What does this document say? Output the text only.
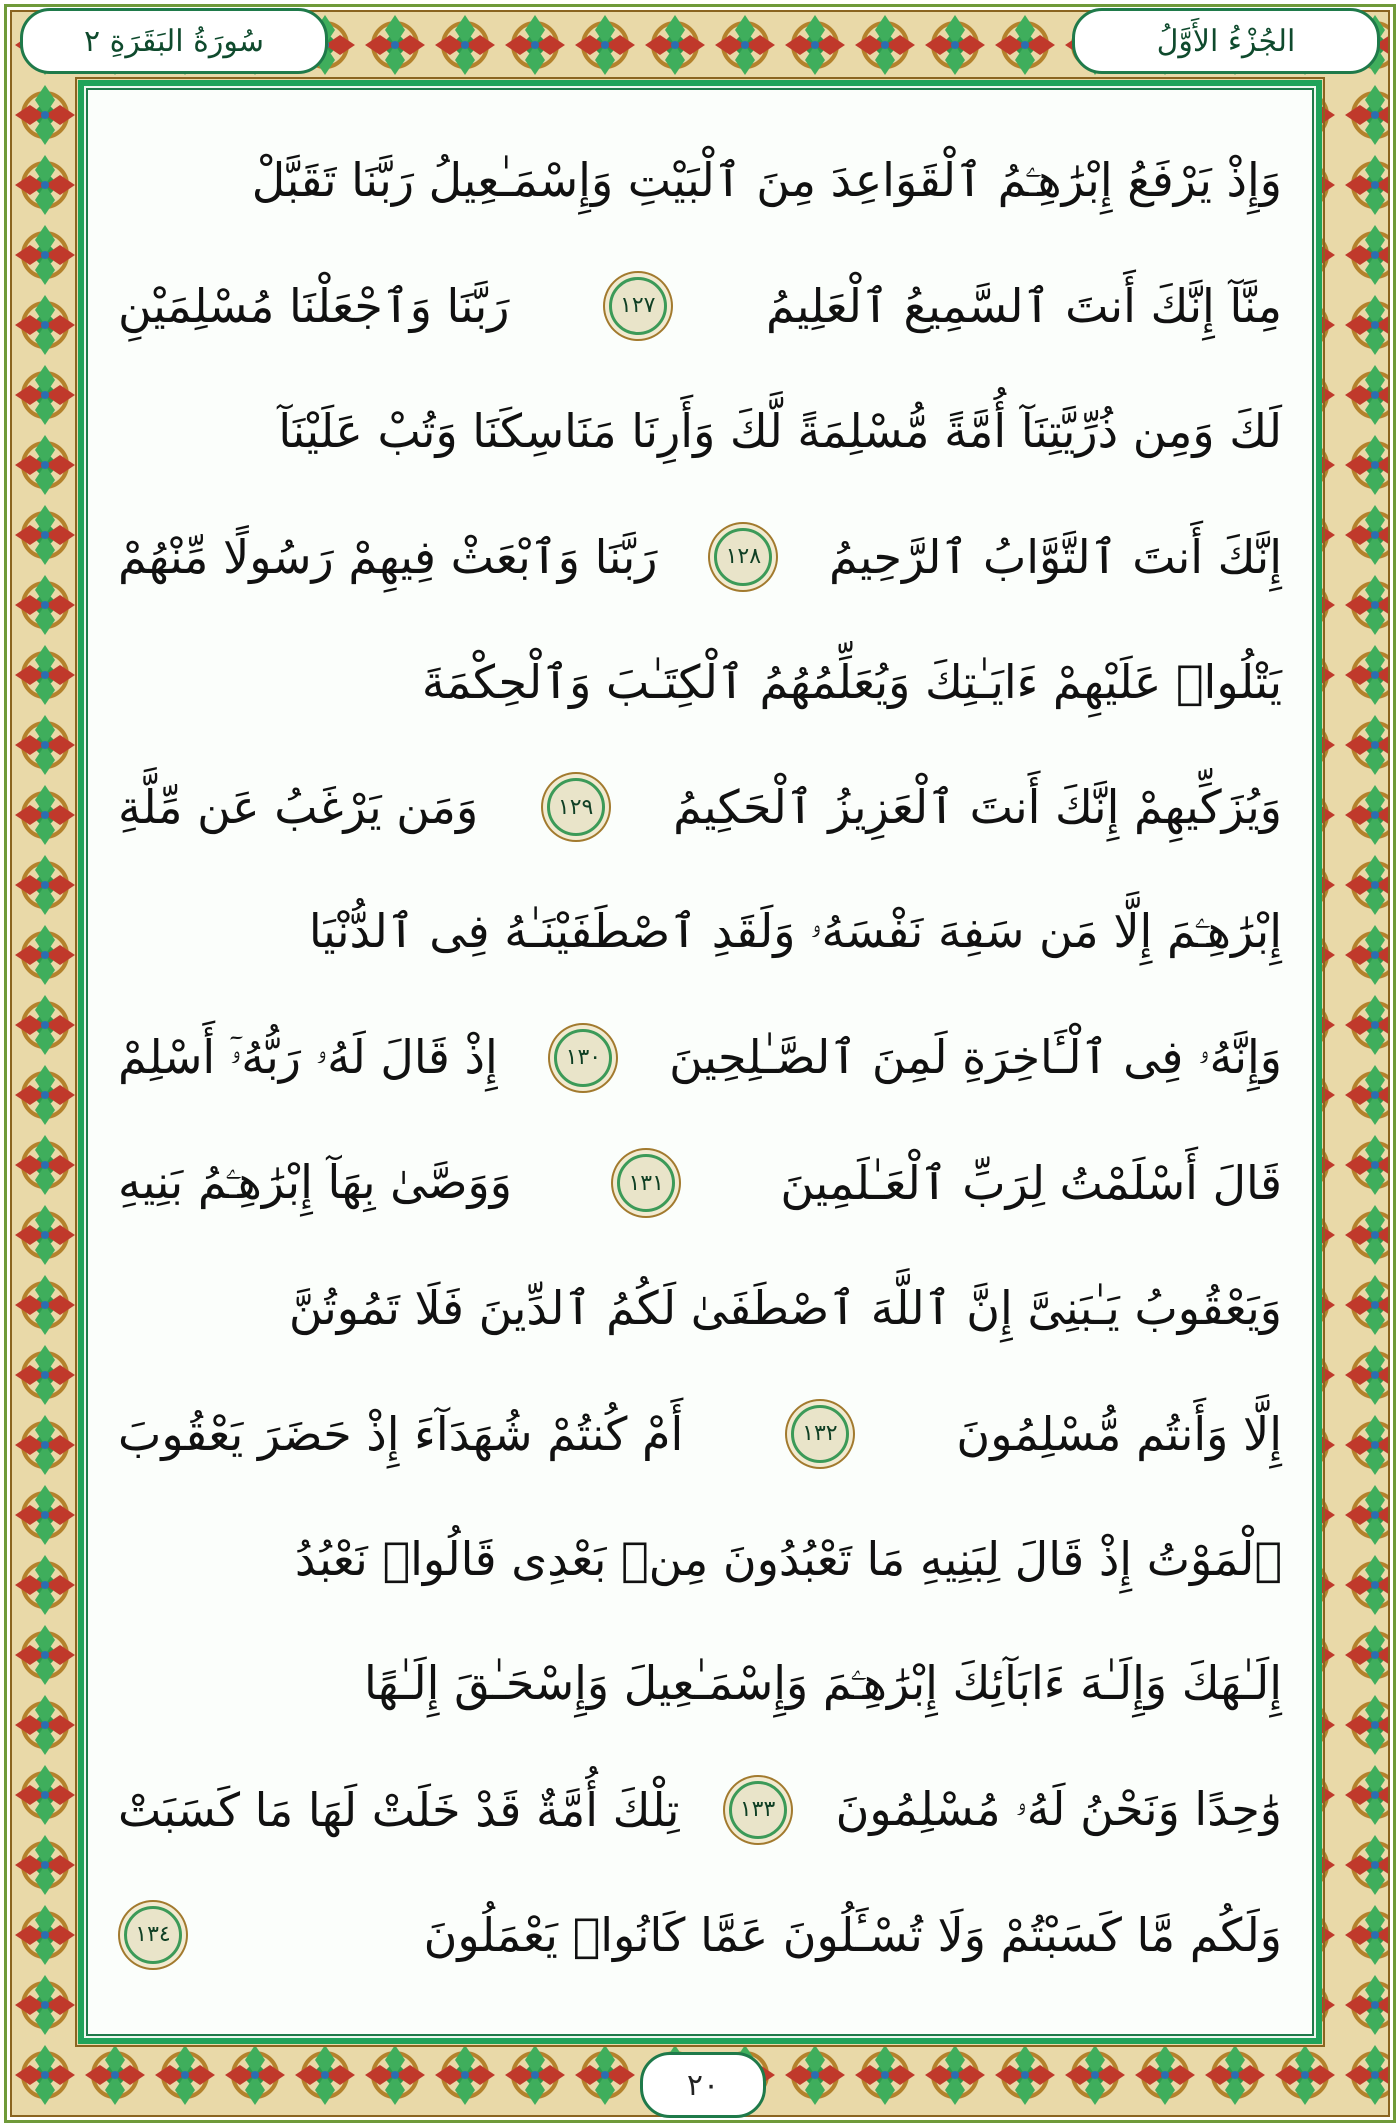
الجُزْءُ الأَوَّلُ
سُورَةُ البَقَرَةِ ٢
وَإِذْ يَرْفَعُ إِبْرَٰهِـۧمُ ٱلْقَوَاعِدَ مِنَ ٱلْبَيْتِ وَإِسْمَـٰعِيلُ رَبَّنَا تَقَبَّلْ
مِنَّآ إِنَّكَ أَنتَ ٱلسَّمِيعُ ٱلْعَلِيمُ
١٢٧
رَبَّنَا وَٱجْعَلْنَا مُسْلِمَيْنِ
لَكَ وَمِن ذُرِّيَّتِنَآ أُمَّةً مُّسْلِمَةً لَّكَ وَأَرِنَا مَنَاسِكَنَا وَتُبْ عَلَيْنَآ
إِنَّكَ أَنتَ ٱلتَّوَّابُ ٱلرَّحِيمُ
١٢٨
رَبَّنَا وَٱبْعَثْ فِيهِمْ رَسُولًا مِّنْهُمْ
يَتْلُوا۟ عَلَيْهِمْ ءَايَـٰتِكَ وَيُعَلِّمُهُمُ ٱلْكِتَـٰبَ وَٱلْحِكْمَةَ
وَيُزَكِّيهِمْ إِنَّكَ أَنتَ ٱلْعَزِيزُ ٱلْحَكِيمُ
١٢٩
وَمَن يَرْغَبُ عَن مِّلَّةِ
إِبْرَٰهِـۧمَ إِلَّا مَن سَفِهَ نَفْسَهُۥ وَلَقَدِ ٱصْطَفَيْنَـٰهُ فِى ٱلدُّنْيَا
وَإِنَّهُۥ فِى ٱلْـَٔاخِرَةِ لَمِنَ ٱلصَّـٰلِحِينَ
١٣٠
إِذْ قَالَ لَهُۥ رَبُّهُۥٓ أَسْلِمْ
قَالَ أَسْلَمْتُ لِرَبِّ ٱلْعَـٰلَمِينَ
١٣١
وَوَصَّىٰ بِهَآ إِبْرَٰهِـۧمُ بَنِيهِ
وَيَعْقُوبُ يَـٰبَنِىَّ إِنَّ ٱللَّهَ ٱصْطَفَىٰ لَكُمُ ٱلدِّينَ فَلَا تَمُوتُنَّ
إِلَّا وَأَنتُم مُّسْلِمُونَ
١٣٢
أَمْ كُنتُمْ شُهَدَآءَ إِذْ حَضَرَ يَعْقُوبَ
ٱلْمَوْتُ إِذْ قَالَ لِبَنِيهِ مَا تَعْبُدُونَ مِنۢ بَعْدِى قَالُوا۟ نَعْبُدُ
إِلَـٰهَكَ وَإِلَـٰهَ ءَابَآئِكَ إِبْرَٰهِـۧمَ وَإِسْمَـٰعِيلَ وَإِسْحَـٰقَ إِلَـٰهًا
وَٰحِدًا وَنَحْنُ لَهُۥ مُسْلِمُونَ
١٣٣
تِلْكَ أُمَّةٌ قَدْ خَلَتْ لَهَا مَا كَسَبَتْ
وَلَكُم مَّا كَسَبْتُمْ وَلَا تُسْـَٔلُونَ عَمَّا كَانُوا۟ يَعْمَلُونَ
١٣٤
٢٠
